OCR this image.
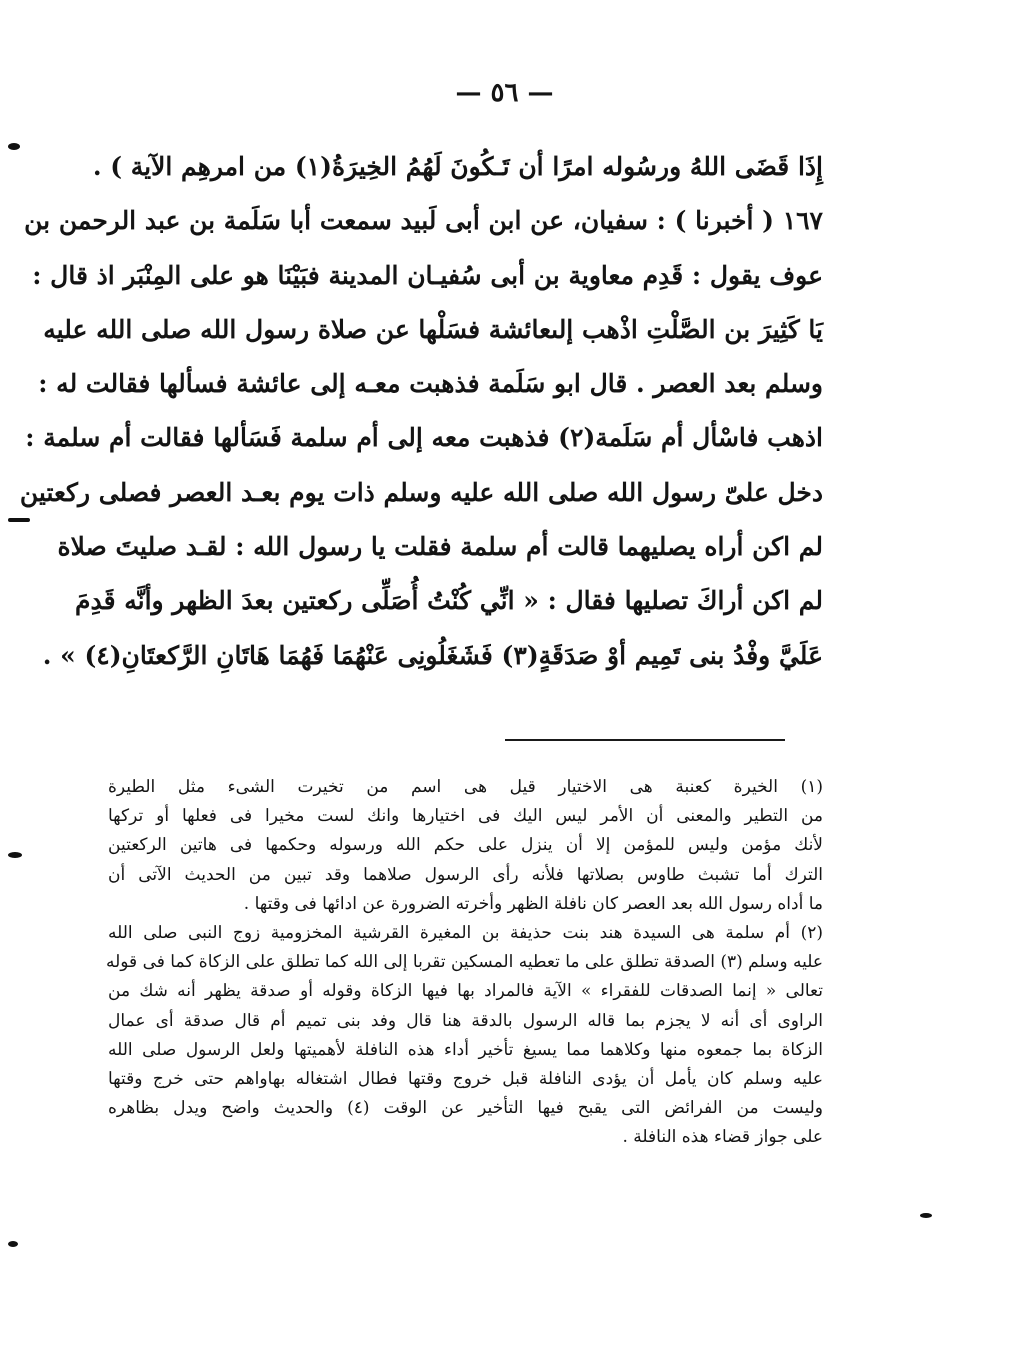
— ٥٦ —
إِذَا قَضَى اللهُ ورسُوله امرًا أن تَـكُونَ لَهُمُ الخِيرَةُ(١) من امرهِم الآية ) .
١٦٧ ( أخبرنا ) : سفيان، عن ابن أبى لَبيد سمعت أبا سَلَمة بن عبد الرحمن بن
عوف يقول : قَدِم معاوية بن أبى سُفيـان المدينة فبَيْنَا هو على المِنْبَر اذ قال :
يَا كَثِيرَ بن الصَّلْتِ اذْهب إلىعائشة فسَلْها عن صلاة رسول الله صلى الله عليه
وسلم بعد العصر . قال ابو سَلَمة فذهبت معـه إلى عائشة فسألها فقالت له :
اذهب فاسْأل أم سَلَمة(٢) فذهبت معه إلى أم سلمة فَسَألها فقالت أم سلمة :
دخل علىّ رسول الله صلى الله عليه وسلم ذات يوم بعـد العصر فصلى ركعتين
لم اكن أراه يصليهما قالت أم سلمة فقلت يا رسول الله : لقـد صليتَ صلاة
لم اكن أراكَ تصليها فقال : « انِّي كُنْتُ أُصَلِّى ركعتين بعدَ الظهر وأنَّه قَدِمَ
عَلَيَّ وفْدُ بنى تَمِيم أوْ صَدَقَةٍ(٣) فَشَغَلُونِى عَنْهُمَا فَهُمَا هَاتَانِ الرَّكعتَانِ(٤) » .
(١) الخيرة كعنبة هى الاختيار قيل هى اسم من تخيرت الشىء مثل الطيرة
من التطير والمعنى أن الأمر ليس اليك فى اختيارها وانك لست مخيرا فى فعلها أو تركها
لأنك مؤمن وليس للمؤمن إلا أن ينزل على حكم الله ورسوله وحكمها فى هاتين الركعتين
الترك أما تشبث طاوس بصلاتها فلأنه رأى الرسول صلاهما وقد تبين من الحديث الآتى أن
ما أداه رسول الله بعد العصر كان نافلة الظهر وأخرته الضرورة عن ادائها فى وقتها .
(٢) أم سلمة هى السيدة هند بنت حذيفة بن المغيرة القرشية المخزومية زوج النبى صلى الله
عليه وسلم (٣) الصدقة تطلق على ما تعطيه المسكين تقربا إلى الله كما تطلق على الزكاة كما فى قوله
تعالى « إنما الصدقات للفقراء » الآية فالمراد بها فيها الزكاة وقوله أو صدقة يظهر أنه شك من
الراوى أى أنه لا يجزم بما قاله الرسول بالدقة هنا قال وفد بنى تميم أم قال صدقة أى عمال
الزكاة بما جمعوه منها وكلاهما مما يسيغ تأخير أداء هذه النافلة لأهميتها ولعل الرسول صلى الله
عليه وسلم كان يأمل أن يؤدى النافلة قبل خروج وقتها فطال اشتغاله بهاواهم حتى خرج وقتها
وليست من الفرائض التى يقبح فيها التأخير عن الوقت (٤) والحديث واضح ويدل بظاهره
على جواز قضاء هذه النافلة .
